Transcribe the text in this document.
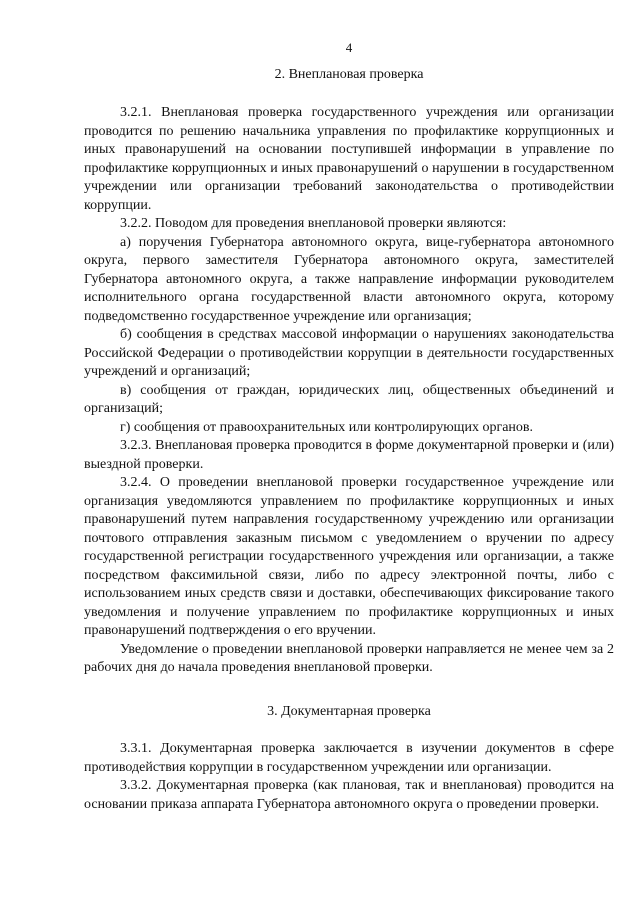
4
2. Внеплановая проверка

3.2.1. Внеплановая проверка государственного учреждения или организации проводится по решению начальника управления по профилактике коррупционных и иных правонарушений на основании поступившей информации в управление по профилактике коррупционных и иных правонарушений о нарушении в государственном учреждении или организации требований законодательства о противодействии коррупции.

3.2.2. Поводом для проведения внеплановой проверки являются:

а) поручения Губернатора автономного округа, вице-губернатора автономного округа, первого заместителя Губернатора автономного округа, заместителей Губернатора автономного округа, а также направление информации руководителем исполнительного органа государственной власти автономного округа, которому подведомственно государственное учреждение или организация;

б) сообщения в средствах массовой информации о нарушениях законодательства Российской Федерации о противодействии коррупции в деятельности государственных учреждений и организаций;

в) сообщения от граждан, юридических лиц, общественных объединений и организаций;

г) сообщения от правоохранительных или контролирующих органов.

3.2.3. Внеплановая проверка проводится в форме документарной проверки и (или) выездной проверки.

3.2.4. О проведении внеплановой проверки государственное учреждение или организация уведомляются управлением по профилактике коррупционных и иных правонарушений путем направления государственному учреждению или организации почтового отправления заказным письмом с уведомлением о вручении по адресу государственной регистрации государственного учреждения или организации, а также посредством факсимильной связи, либо по адресу электронной почты, либо с использованием иных средств связи и доставки, обеспечивающих фиксирование такого уведомления и получение управлением по профилактике коррупционных и иных правонарушений подтверждения о его вручении.

Уведомление о проведении внеплановой проверки направляется не менее чем за 2 рабочих дня до начала проведения внеплановой проверки.

3. Документарная проверка

3.3.1. Документарная проверка заключается в изучении документов в сфере противодействия коррупции в государственном учреждении или организации.

3.3.2. Документарная проверка (как плановая, так и внеплановая) проводится на основании приказа аппарата Губернатора автономного округа о проведении проверки.
